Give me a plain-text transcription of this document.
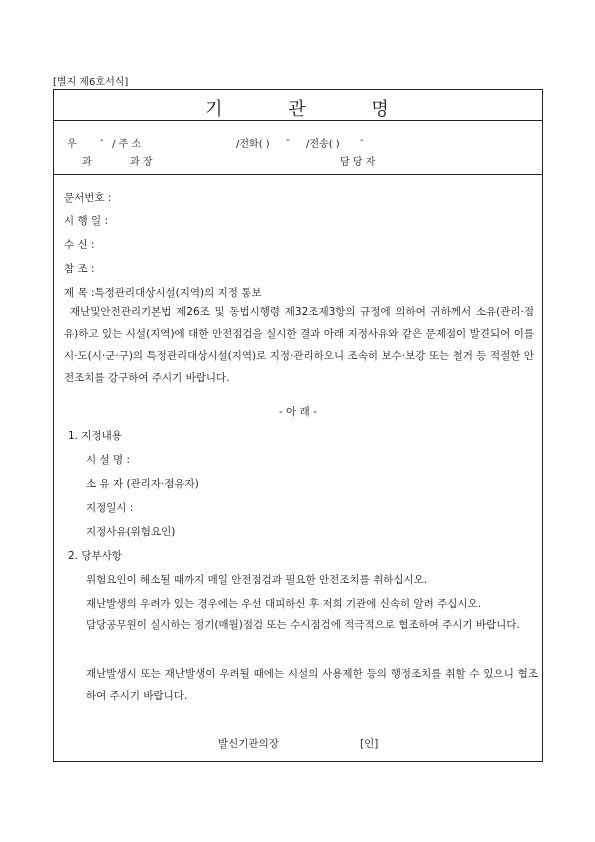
[별지 제6호서식]
기	관	명
우 - / 주 소	/전화( ) - /전송( ) -
과	과 장	담 당 자
문서번호 :
시 행 일 :
수 신 :
참 조 :
제 목 :특정관리대상시설(지역)의 지정 통보
재난및안전관리기본법 제26조 및 동법시행령 제32조제3항의 규정에 의하여 귀하께서 소유(관리·점유)하고 있는 시설(지역)에 대한 안전점검을 실시한 결과 아래 지정사유와 같은 문제점이 발견되어 이를 시·도(시·군·구)의 특정관리대상시설(지역)로 지정·관리하오니 조속히 보수·보강 또는 철거 등 적절한 안전조치를 강구하여 주시기 바랍니다.
- 아 래 -
1. 지정내용
시 설 명 :
소 유 자 (관리자·점유자)
지정일시 :
지정사유(위험요인)
2. 당부사항
위험요인이 해소될 때까지 매일 안전점검과 필요한 안전조치를 취하십시오.
재난발생의 우려가 있는 경우에는 우선 대피하신 후 저희 기관에 신속히 알려 주십시오.
담당공무원이 실시하는 정기(매월)점검 또는 수시점검에 적극적으로 협조하여 주시기 바랍니다.
재난발생시 또는 재난발생이 우려될 때에는 시설의 사용제한 등의 행정조치를 취할 수 있으니 협조하여 주시기 바랍니다.
발신기관의장	[인]
